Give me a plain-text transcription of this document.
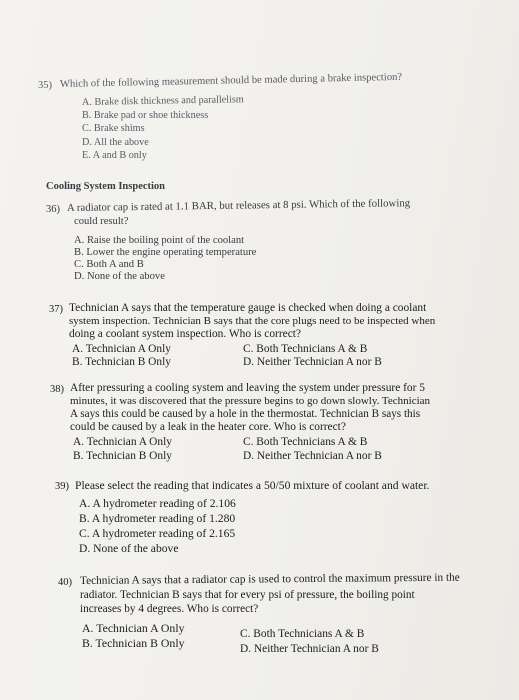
35) Which of the following measurement should be made during a brake inspection?
A. Brake disk thickness and parallelism
B. Brake pad or shoe thickness
C. Brake shims
D. All the above
E. A and B only
Cooling System Inspection
36) A radiator cap is rated at 1.1 BAR, but releases at 8 psi. Which of the following
could result?
A. Raise the boiling point of the coolant
B. Lower the engine operating temperature
C. Both A and B
D. None of the above
37) Technician A says that the temperature gauge is checked when doing a coolant
system inspection. Technician B says that the core plugs need to be inspected when
doing a coolant system inspection. Who is correct?
A. Technician A Only	C. Both Technicians A & B
B. Technician B Only	D. Neither Technician A nor B
38) After pressuring a cooling system and leaving the system under pressure for 5
minutes, it was discovered that the pressure begins to go down slowly. Technician
A says this could be caused by a hole in the thermostat. Technician B says this
could be caused by a leak in the heater core. Who is correct?
A. Technician A Only	C. Both Technicians A & B
B. Technician B Only	D. Neither Technician A nor B
39) Please select the reading that indicates a 50/50 mixture of coolant and water.
A. A hydrometer reading of 2.106
B. A hydrometer reading of 1.280
C. A hydrometer reading of 2.165
D. None of the above
40) Technician A says that a radiator cap is used to control the maximum pressure in the
radiator. Technician B says that for every psi of pressure, the boiling point
increases by 4 degrees. Who is correct?
A. Technician A Only	C. Both Technicians A & B
B. Technician B Only	D. Neither Technician A nor B
